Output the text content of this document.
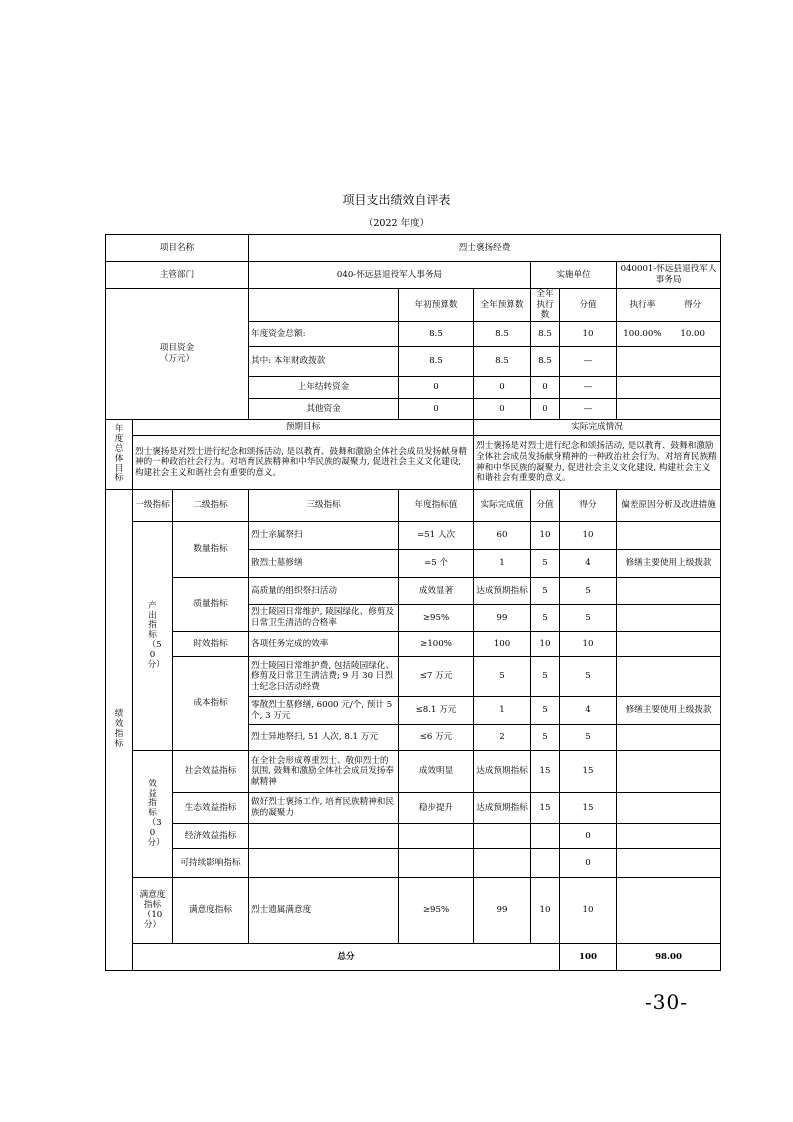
项目支出绩效自评表
（2022 年度）
项目名称			烈士褒扬经费						
主管部门			040-怀远县退役军人事务局			实施单位		040001-怀远县退役军人事务局	
项目资金
（万元）				年初预算数	全年预算数	全年执行数	分值	执行率 得分	
			年度资金总额:	8.5	8.5	8.5	10	100.00% 10.00	
			其中: 本年财政拨款	8.5	8.5	8.5	—		
			上年结转资金	0	0	0	—		
			其他资金	0	0	0	—		
年度总体目标	预期目标				实际完成情况				
	烈士褒扬是对烈士进行纪念和颂扬活动, 是以教育、鼓舞和激励全体社会成员发扬献身精神的一种政治社会行为。对培育民族精神和中华民族的凝聚力, 促进社会主义文化建设, 构建社会主义和谐社会有重要的意义。				烈士褒扬是对烈士进行纪念和颂扬活动, 是以教育、鼓舞和激励全体社会成员发扬献身精神的一种政治社会行为。对培育民族精神和中华民族的凝聚力, 促进社会主义文化建设, 构建社会主义和谐社会有重要的意义。				
绩效指标	一级指标	二级指标	三级指标	年度指标值	实际完成值	分值	得分	偏差原因分析及改进措施	
	产出指标（50分）	数量指标	烈士亲属祭扫	=51 人次	60	10	10		
			散烈士墓修缮	=5 个	1	5	4	修缮主要使用上级拨款	
		质量指标	高质量的组织祭扫活动	成效显著	达成预期指标	5	5		
			烈士陵园日常维护, 陵园绿化、修剪及日常卫生清洁的合格率	≥95%	99	5	5		
		时效指标	各项任务完成的效率	≥100%	100	10	10		
		成本指标	烈士陵园日常维护费, 包括陵园绿化、修剪及日常卫生清洁费; 9 月 30 日烈士纪念日活动经费	≤7 万元	5	5	5		
			零散烈士墓修缮, 6000 元/个, 预计 5 个, 3 万元	≤8.1 万元	1	5	4	修缮主要使用上级拨款	
			烈士异地祭扫, 51 人次, 8.1 万元	≤6 万元	2	5	5		
	效益指标（30分）	社会效益指标	在全社会形成尊重烈士、敬仰烈士的氛围, 鼓舞和激励全体社会成员发扬奉献精神	成效明显	达成预期指标	15	15		
		生态效益指标	做好烈士褒扬工作, 培育民族精神和民族的凝聚力	稳步提升	达成预期指标	15	15		
		经济效益指标					0		
		可持续影响指标					0		
	满意度指标（10分）	满意度指标	烈士遗属满意度	≥95%	99	10	10		
	总分						100	98.00	
-30-
